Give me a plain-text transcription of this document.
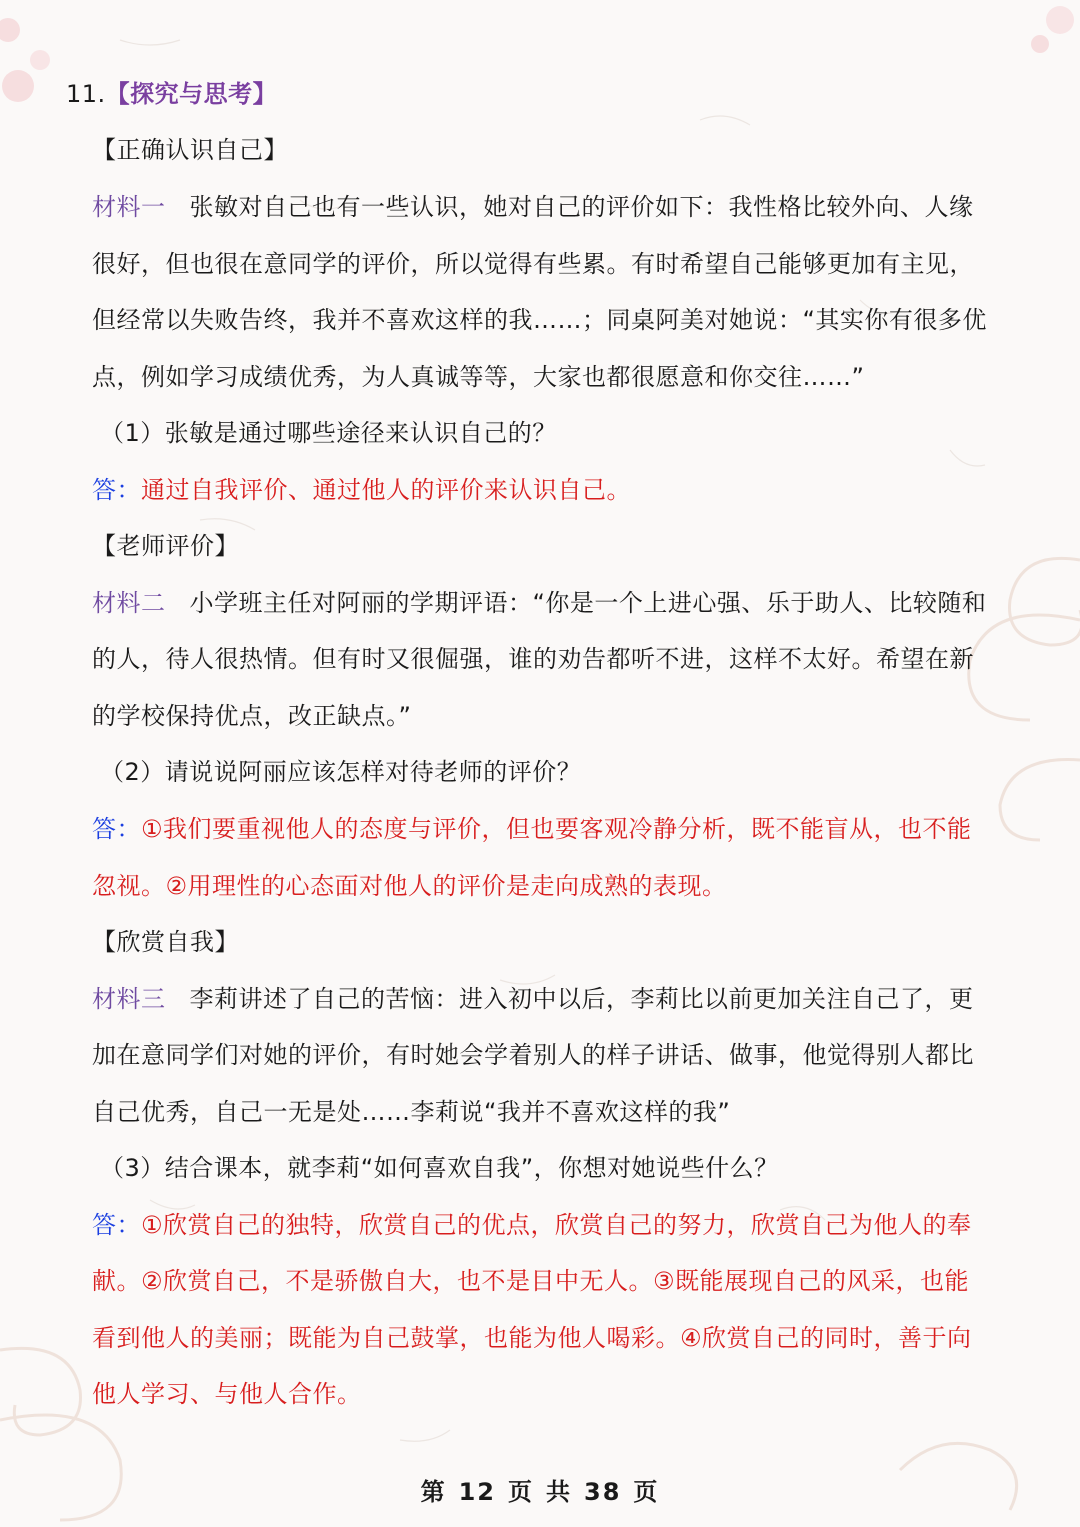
11.【探究与思考】
【正确认识自己】
材料一 张敏对自己也有一些认识，她对自己的评价如下：我性格比较外向、人缘
很好，但也很在意同学的评价，所以觉得有些累。有时希望自己能够更加有主见，
但经常以失败告终，我并不喜欢这样的我……；同桌阿美对她说：“其实你有很多优
点，例如学习成绩优秀，为人真诚等等，大家也都很愿意和你交往……”
（1）张敏是通过哪些途径来认识自己的？
答：通过自我评价、通过他人的评价来认识自己。
【老师评价】
材料二 小学班主任对阿丽的学期评语：“你是一个上进心强、乐于助人、比较随和
的人，待人很热情。但有时又很倔强，谁的劝告都听不进，这样不太好。希望在新
的学校保持优点，改正缺点。”
（2）请说说阿丽应该怎样对待老师的评价？
答：①我们要重视他人的态度与评价，但也要客观冷静分析，既不能盲从，也不能
忽视。②用理性的心态面对他人的评价是走向成熟的表现。
【欣赏自我】
材料三 李莉讲述了自己的苦恼：进入初中以后，李莉比以前更加关注自己了，更
加在意同学们对她的评价，有时她会学着别人的样子讲话、做事，他觉得别人都比
自己优秀，自己一无是处……李莉说“我并不喜欢这样的我”
（3）结合课本，就李莉“如何喜欢自我”，你想对她说些什么？
答：①欣赏自己的独特，欣赏自己的优点，欣赏自己的努力，欣赏自己为他人的奉
献。②欣赏自己，不是骄傲自大，也不是目中无人。③既能展现自己的风采，也能
看到他人的美丽；既能为自己鼓掌，也能为他人喝彩。④欣赏自己的同时，善于向
他人学习、与他人合作。
第 12 页 共 38 页
